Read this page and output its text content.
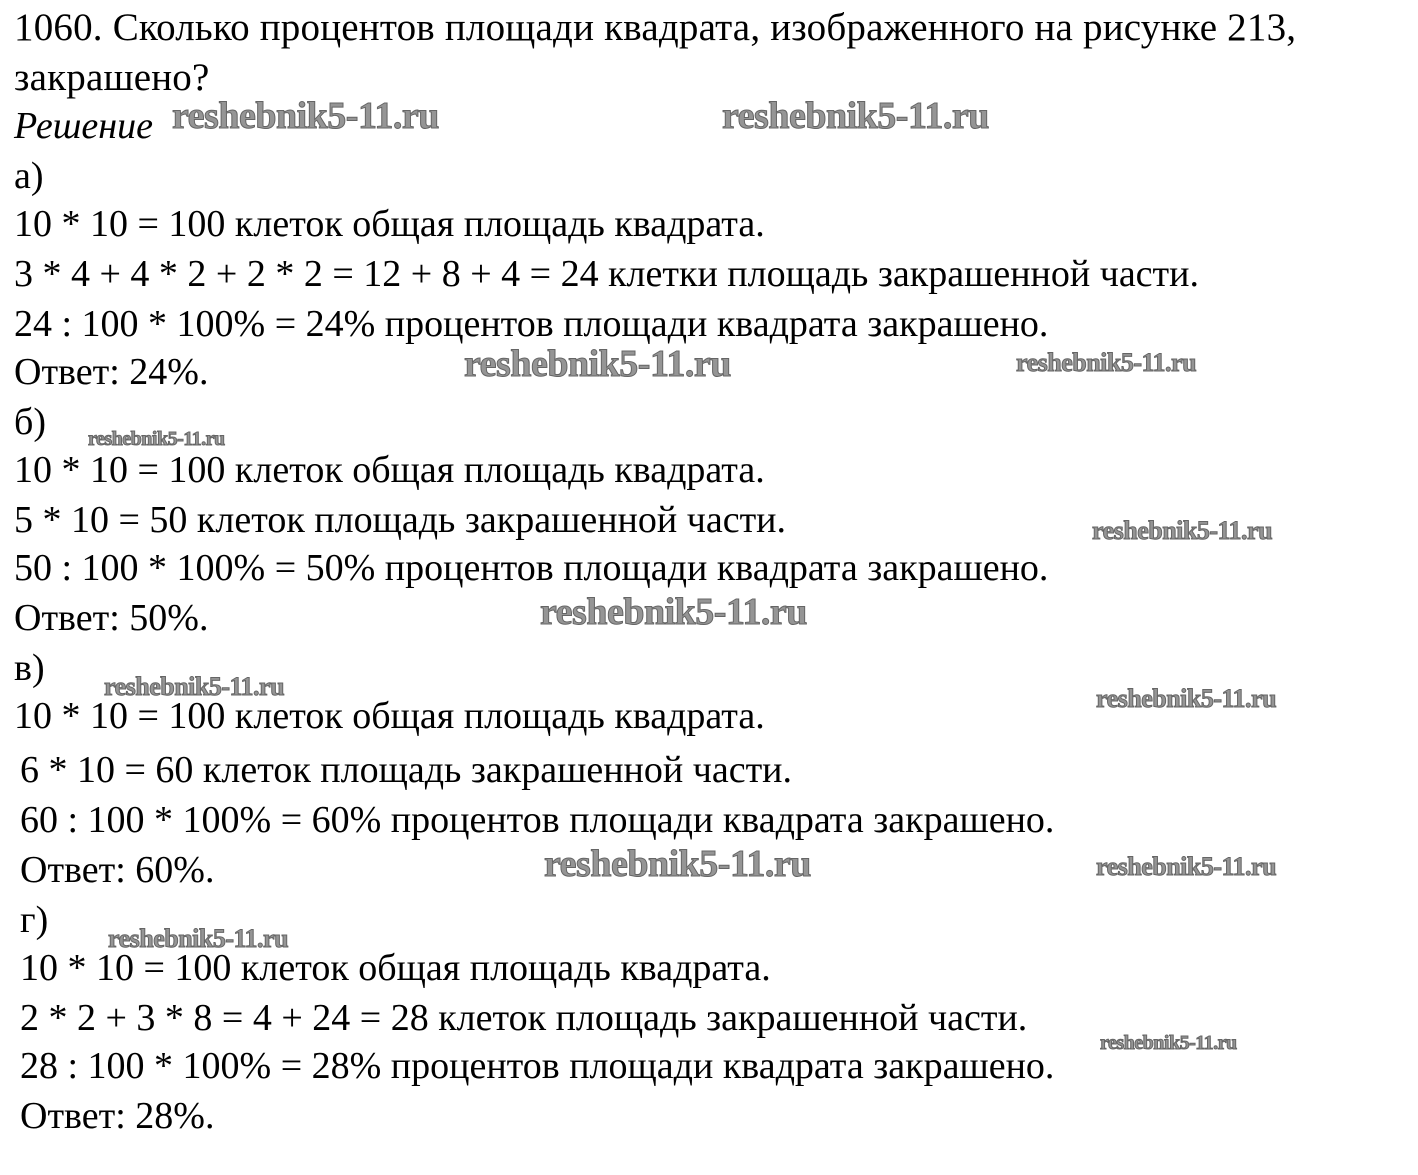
1060. Сколько процентов площади квадрата, изображенного на рисунке 213,
закрашено?
Решение
а)
10 * 10 = 100 клеток общая площадь квадрата.
3 * 4 + 4 * 2 + 2 * 2 = 12 + 8 + 4 = 24 клетки площадь закрашенной части.
24 : 100 * 100% = 24% процентов площади квадрата закрашено.
Ответ: 24%.
б)
10 * 10 = 100 клеток общая площадь квадрата.
5 * 10 = 50 клеток площадь закрашенной части.
50 : 100 * 100% = 50% процентов площади квадрата закрашено.
Ответ: 50%.
в)
10 * 10 = 100 клеток общая площадь квадрата.
6 * 10 = 60 клеток площадь закрашенной части.
60 : 100 * 100% = 60% процентов площади квадрата закрашено.
Ответ: 60%.
г)
10 * 10 = 100 клеток общая площадь квадрата.
2 * 2 + 3 * 8 = 4 + 24 = 28 клеток площадь закрашенной части.
28 : 100 * 100% = 28% процентов площади квадрата закрашено.
Ответ: 28%.
reshebnik5-11.ru	reshebnik5-11.ru
reshebnik5-11.ru	reshebnik5-11.ru
reshebnik5-11.ru
reshebnik5-11.ru
reshebnik5-11.ru
reshebnik5-11.ru	reshebnik5-11.ru
reshebnik5-11.ru	reshebnik5-11.ru
reshebnik5-11.ru
reshebnik5-11.ru
